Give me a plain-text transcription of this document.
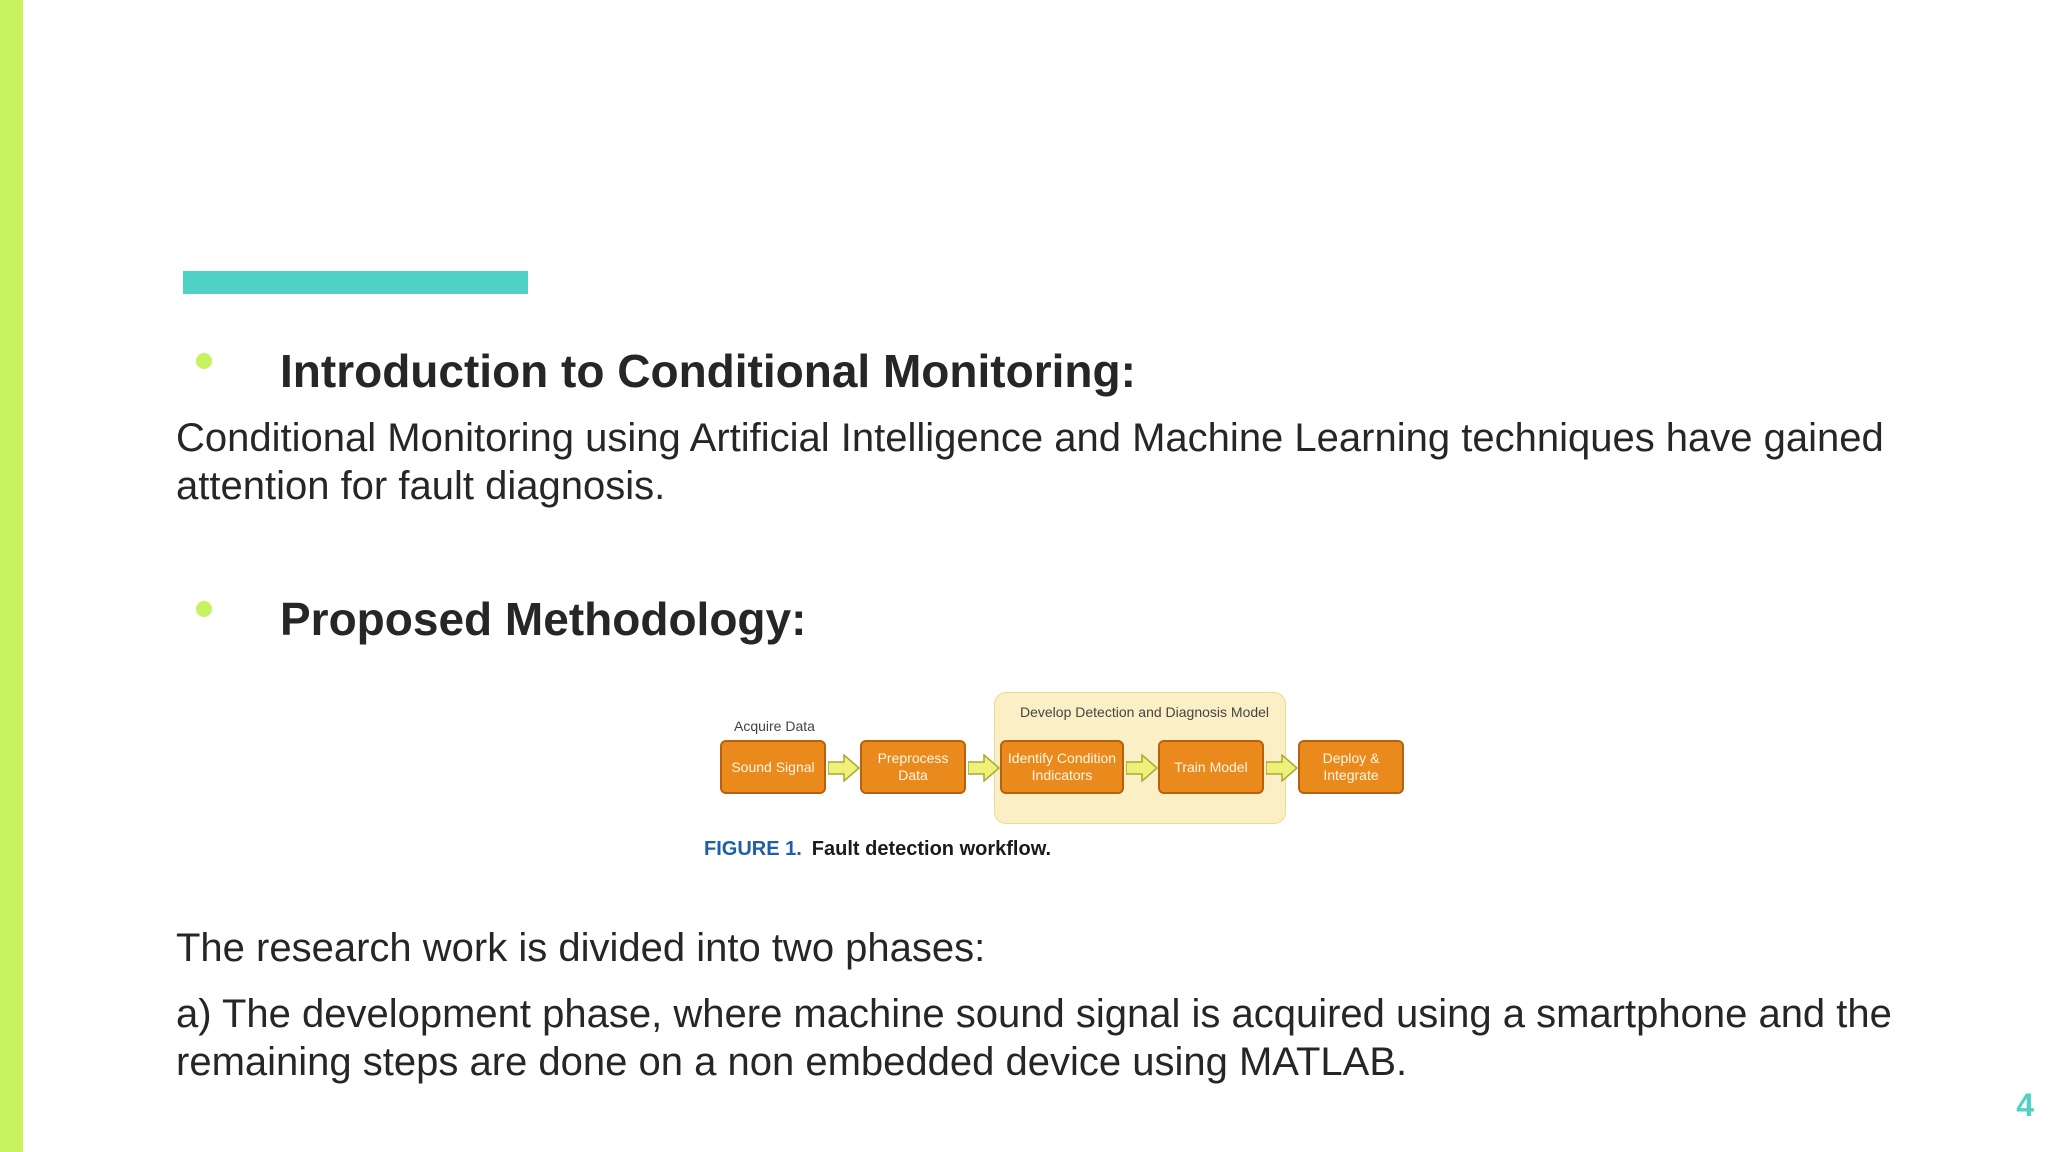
Introduction to Conditional Monitoring:
Conditional Monitoring using Artificial Intelligence and Machine Learning techniques have gained attention for fault diagnosis.
Proposed Methodology:
Develop Detection and Diagnosis Model
Acquire Data
Sound Signal
Preprocess Data
Identify Condition Indicators
Train Model
Deploy & Integrate
FIGURE 1. Fault detection workflow.
The research work is divided into two phases:
a) The development phase, where machine sound signal is acquired using a smartphone and the remaining steps are done on a non embedded device using MATLAB.
4
